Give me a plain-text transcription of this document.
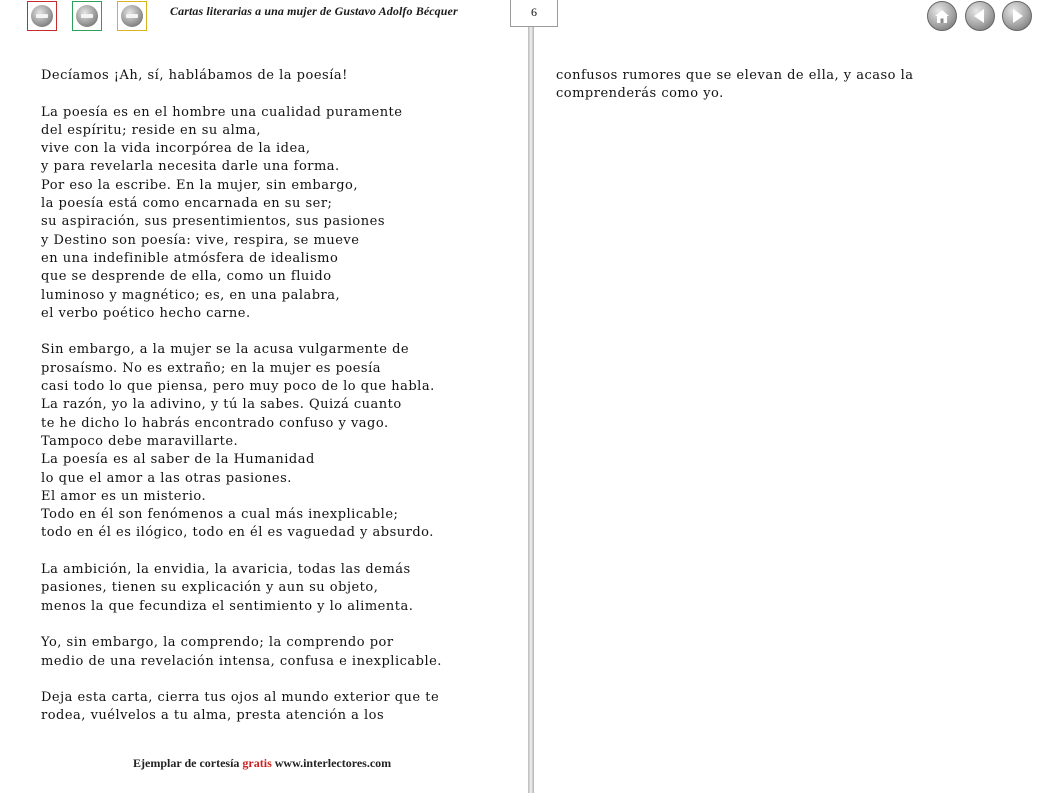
Cartas literarias a una mujer de Gustavo Adolfo Bécquer	6
Decíamos ¡Ah, sí, hablábamos de la poesía!
La poesía es en el hombre una cualidad puramente
del espíritu; reside en su alma,
vive con la vida incorpórea de la idea,
y para revelarla necesita darle una forma.
Por eso la escribe. En la mujer, sin embargo,
la poesía está como encarnada en su ser;
su aspiración, sus presentimientos, sus pasiones
y Destino son poesía: vive, respira, se mueve
en una indefinible atmósfera de idealismo
que se desprende de ella, como un fluido
luminoso y magnético; es, en una palabra,
el verbo poético hecho carne.
Sin embargo, a la mujer se la acusa vulgarmente de
prosaísmo. No es extraño; en la mujer es poesía
casi todo lo que piensa, pero muy poco de lo que habla.
La razón, yo la adivino, y tú la sabes. Quizá cuanto
te he dicho lo habrás encontrado confuso y vago.
Tampoco debe maravillarte.
La poesía es al saber de la Humanidad
lo que el amor a las otras pasiones.
El amor es un misterio.
Todo en él son fenómenos a cual más inexplicable;
todo en él es ilógico, todo en él es vaguedad y absurdo.
La ambición, la envidia, la avaricia, todas las demás
pasiones, tienen su explicación y aun su objeto,
menos la que fecundiza el sentimiento y lo alimenta.
Yo, sin embargo, la comprendo; la comprendo por
medio de una revelación intensa, confusa e inexplicable.
Deja esta carta, cierra tus ojos al mundo exterior que te
rodea, vuélvelos a tu alma, presta atención a los
confusos rumores que se elevan de ella, y acaso la
comprenderás como yo.
Ejemplar de cortesía gratis www.interlectores.com
